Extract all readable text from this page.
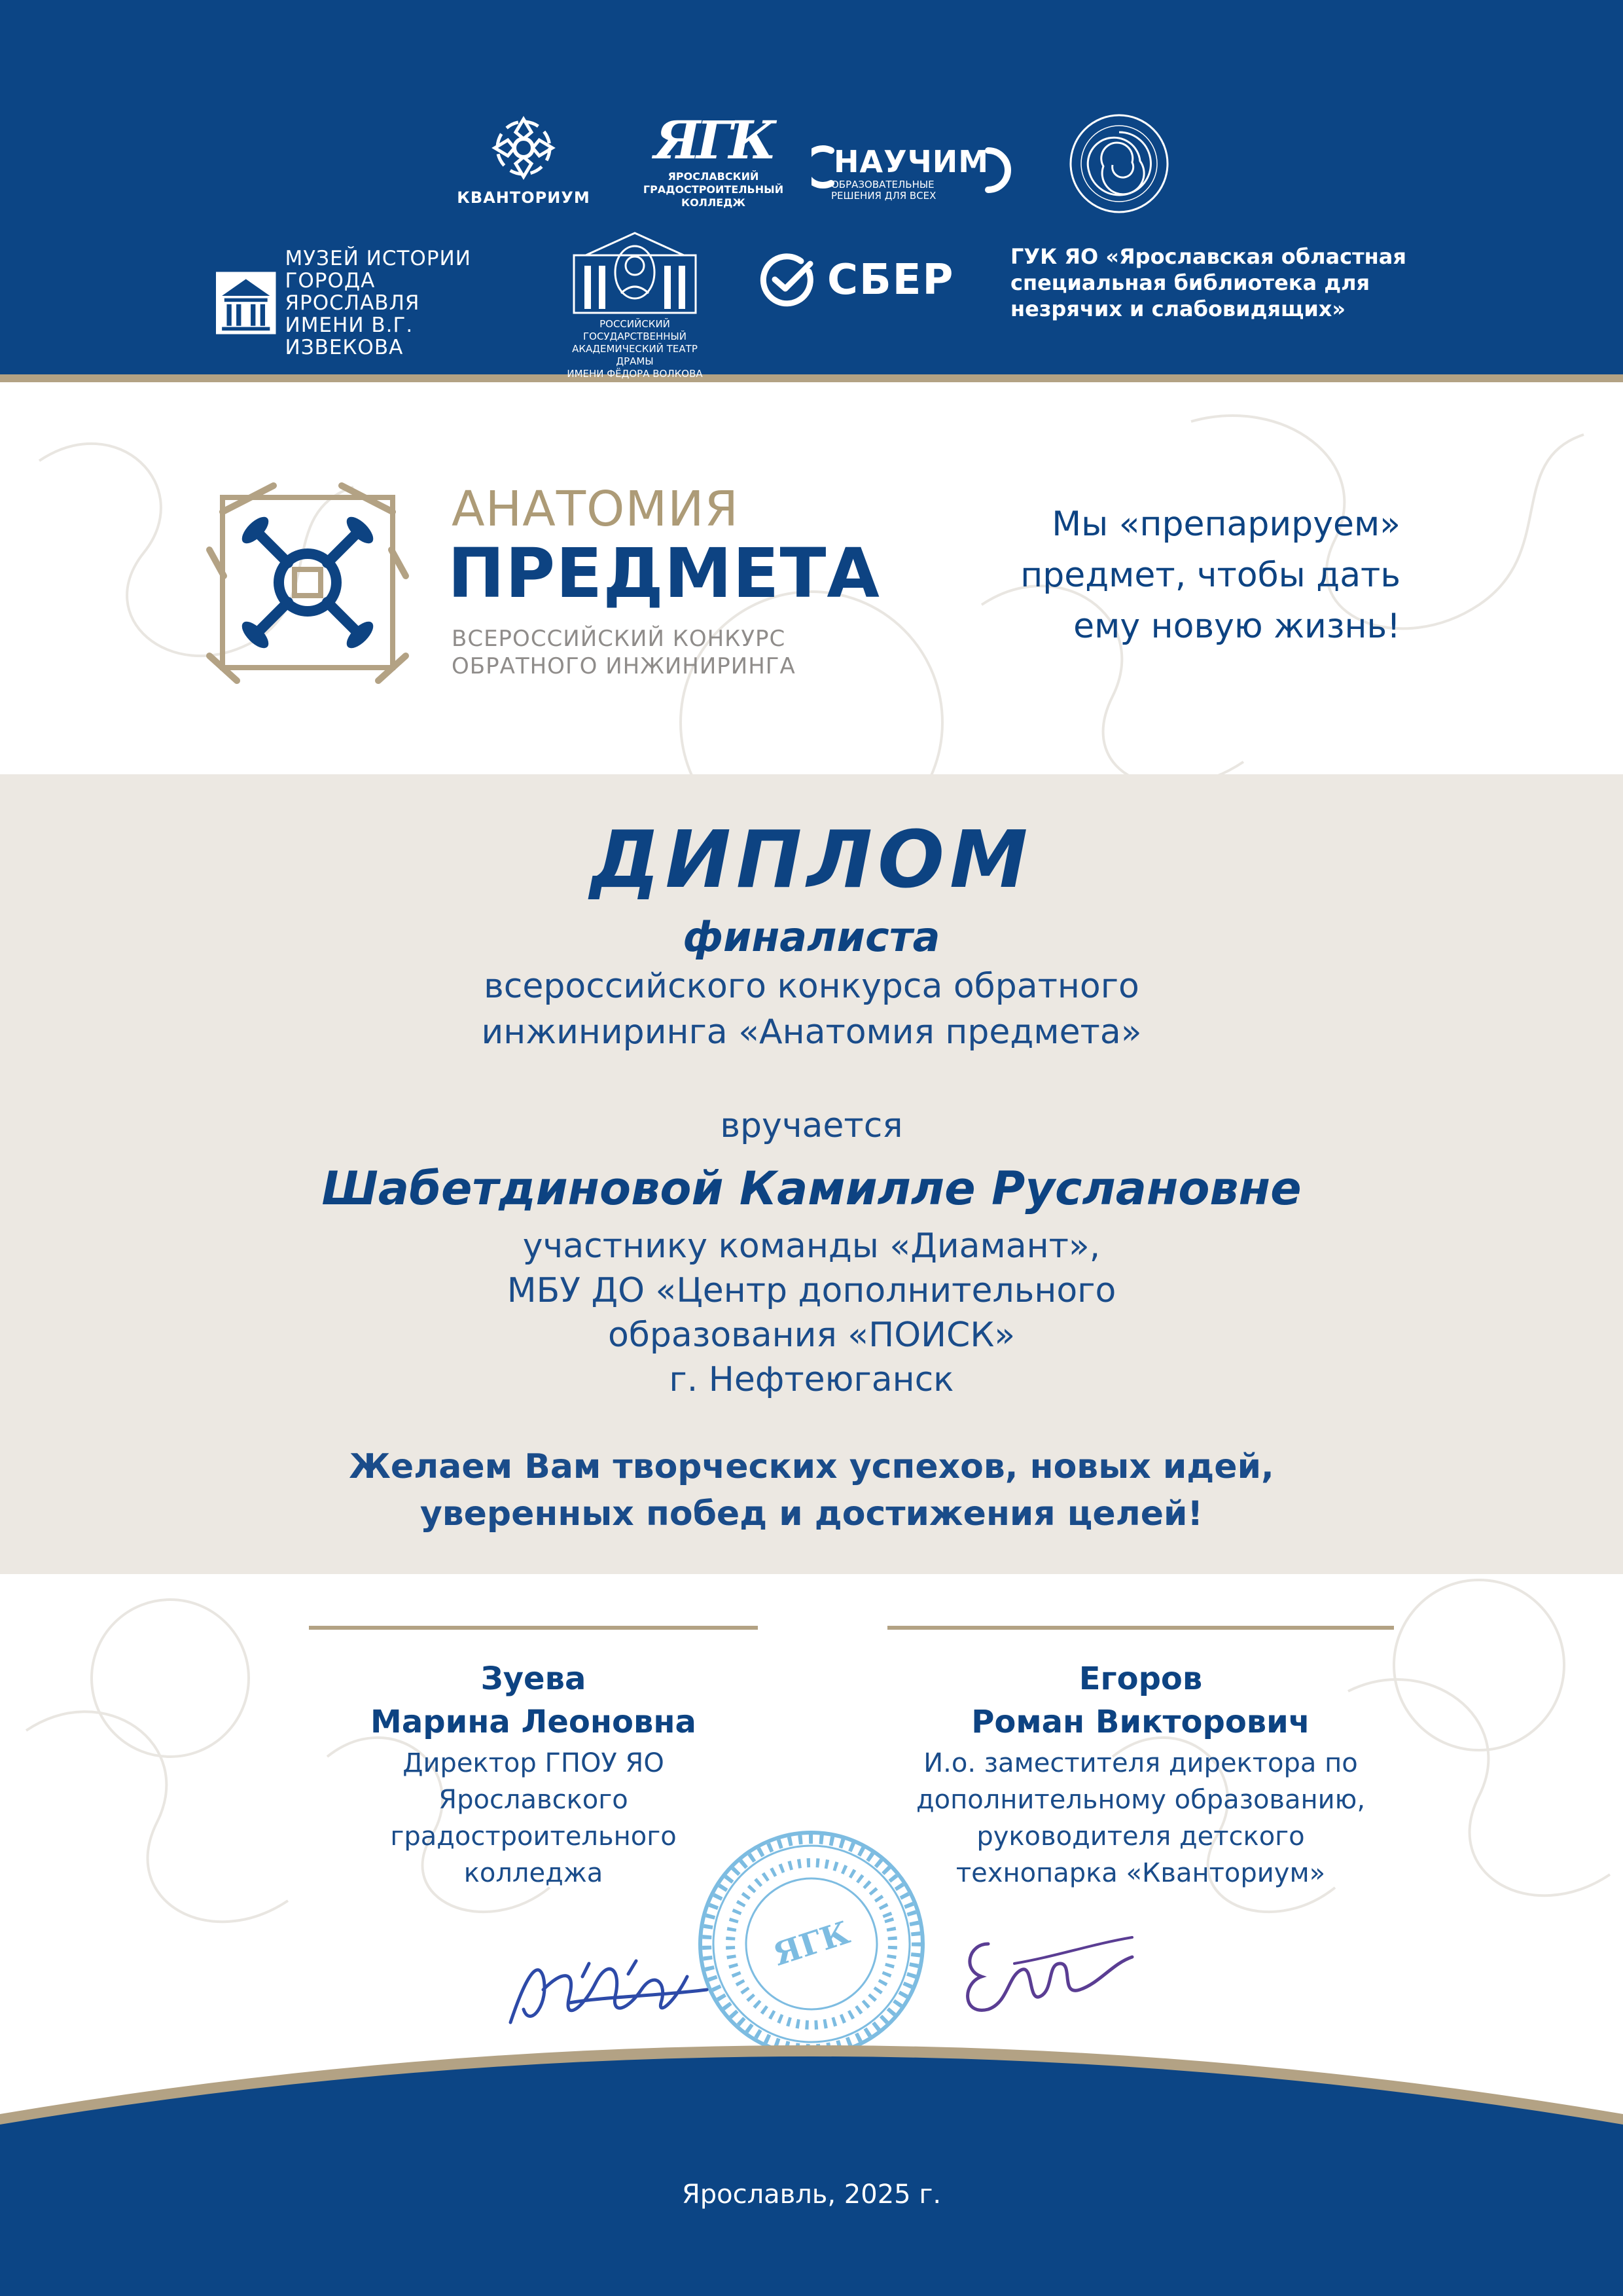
КВАНТОРИУМ
ЯГК
ЯРОСЛАВСКИЙ
ГРАДОСТРОИТЕЛЬНЫЙ
КОЛЛЕДЖ
НАУЧИМ
ОБРАЗОВАТЕЛЬНЫЕ
РЕШЕНИЯ ДЛЯ ВСЕХ
МУЗЕЙ ИСТОРИИ
ГОРОДА ЯРОСЛАВЛЯ
ИМЕНИ В.Г. ИЗВЕКОВА
РОССИЙСКИЙ ГОСУДАРСТВЕННЫЙ
АКАДЕМИЧЕСКИЙ ТЕАТР ДРАМЫ
ИМЕНИ ФЁДОРА ВОЛКОВА
СБЕР	ГУК ЯО «Ярославская областная
специальная библиотека для
незрячих и слабовидящих»
АНАТОМИЯ
ПРЕДМЕТА
ВСЕРОССИЙСКИЙ КОНКУРС
ОБРАТНОГО ИНЖИНИРИНГА
Мы «препарируем»
предмет, чтобы дать
ему новую жизнь!
ДИПЛОМ
финалиста
всероссийского конкурса обратного
инжиниринга «Анатомия предмета»
вручается
Шабетдиновой Камилле Руслановне
участнику команды «Диамант»,
МБУ ДО «Центр дополнительного
образования «ПОИСК»
г. Нефтеюганск
Желаем Вам творческих успехов, новых идей,
уверенных побед и достижения целей!
Зуева
Марина Леоновна
Директор ГПОУ ЯО
Ярославского
градостроительного
колледжа
Егоров
Роман Викторович
И.о. заместителя директора по
дополнительному образованию,
руководителя детского
технопарка «Кванториум»
ЯГК
Ярославль, 2025 г.
